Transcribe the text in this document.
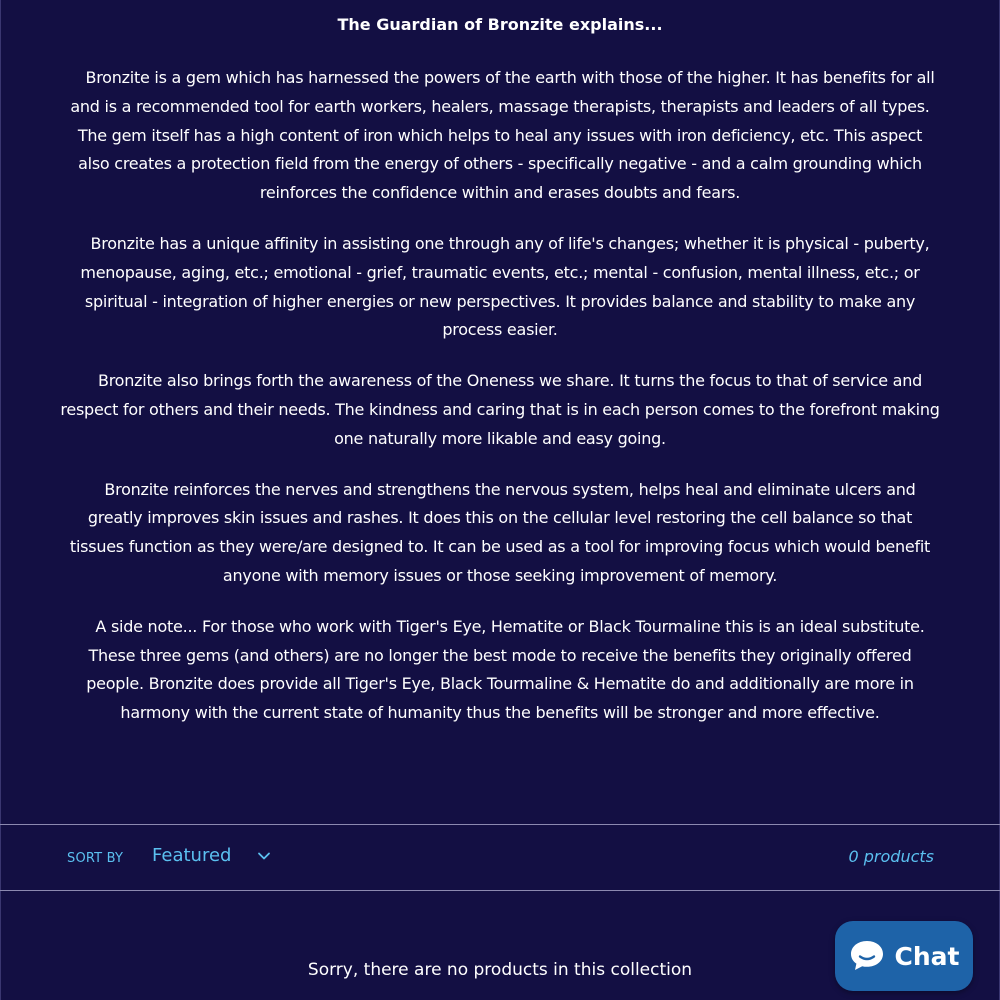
The Guardian of Bronzite explains...

Bronzite is a gem which has harnessed the powers of the earth with those of the higher. It has benefits for all and is a recommended tool for earth workers, healers, massage therapists, therapists and leaders of all types. The gem itself has a high content of iron which helps to heal any issues with iron deficiency, etc. This aspect also creates a protection field from the energy of others - specifically negative - and a calm grounding which reinforces the confidence within and erases doubts and fears.

Bronzite has a unique affinity in assisting one through any of life's changes; whether it is physical - puberty, menopause, aging, etc.; emotional - grief, traumatic events, etc.; mental - confusion, mental illness, etc.; or spiritual - integration of higher energies or new perspectives. It provides balance and stability to make any process easier.

Bronzite also brings forth the awareness of the Oneness we share. It turns the focus to that of service and respect for others and their needs. The kindness and caring that is in each person comes to the forefront making one naturally more likable and easy going.

Bronzite reinforces the nerves and strengthens the nervous system, helps heal and eliminate ulcers and greatly improves skin issues and rashes. It does this on the cellular level restoring the cell balance so that tissues function as they were/are designed to. It can be used as a tool for improving focus which would benefit anyone with memory issues or those seeking improvement of memory.

A side note... For those who work with Tiger's Eye, Hematite or Black Tourmaline this is an ideal substitute. These three gems (and others) are no longer the best mode to receive the benefits they originally offered people. Bronzite does provide all Tiger's Eye, Black Tourmaline & Hematite do and additionally are more in harmony with the current state of humanity thus the benefits will be stronger and more effective.

SORT BY Featured	0 products
Sorry, there are no products in this collection	Chat
